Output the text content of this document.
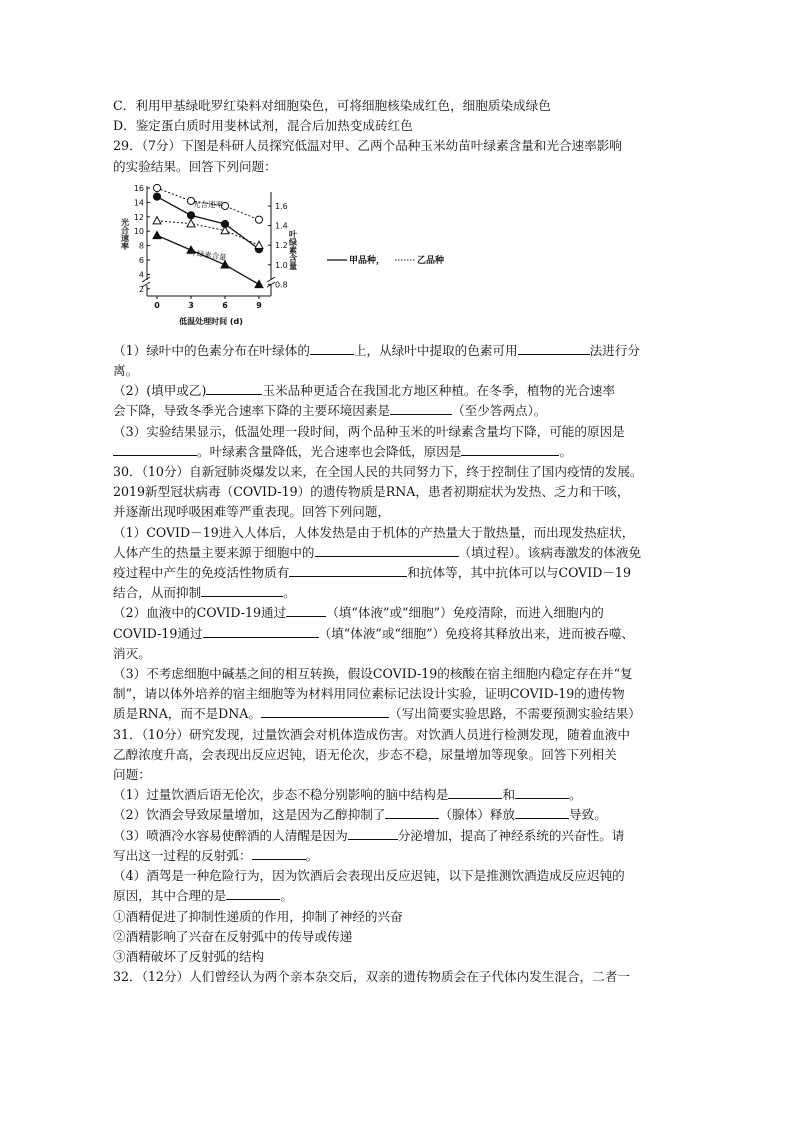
C．利用甲基绿吡罗红染料对细胞染色，可将细胞核染成红色，细胞质染成绿色

D．鉴定蛋白质时用斐林试剂，混合后加热变成砖红色

29．（7分）下图是科研人员探究低温对甲、乙两个品种玉米幼苗叶绿素含量和光合速率影响

的实验结果。回答下列问题：

16
14
12
10
8
6
4
2
1.6
1.4
1.2
1.0
0.8
0	3	6	9
光合速率	叶绿素含量
低温处理时间 (d)
光合速率
叶绿素含量	甲品种，	乙品种

（1）绿叶中的色素分布在叶绿体的	上，从绿叶中提取的色素可用	法进行分

离。

（2）(填甲或乙)	玉米品种更适合在我国北方地区种植。在冬季，植物的光合速率

会下降，导致冬季光合速率下降的主要环境因素是	（至少答两点）。

（3）实验结果显示，低温处理一段时间，两个品种玉米的叶绿素含量均下降，可能的原因是

。叶绿素含量降低，光合速率也会降低，原因是	。

30．（10分）自新冠肺炎爆发以来，在全国人民的共同努力下，终于控制住了国内疫情的发展。

2019新型冠状病毒（COVID-19）的遗传物质是RNA，患者初期症状为发热、乏力和干咳，

并逐渐出现呼吸困难等严重表现。回答下列问题，

（1）COVID－19进入人体后，人体发热是由于机体的产热量大于散热量，而出现发热症状，

人体产生的热量主要来源于细胞中的	（填过程）。该病毒激发的体液免

疫过程中产生的免疫活性物质有	和抗体等，其中抗体可以与COVID－19

结合，从而抑制	。

（2）血液中的COVID-19通过	（填“体液”或“细胞”）免疫清除，而进入细胞内的

COVID-19通过	（填“体液”或“细胞”）免疫将其释放出来，进而被吞噬、

消灭。

（3）不考虑细胞中碱基之间的相互转换，假设COVID-19的核酸在宿主细胞内稳定存在并“复

制”，请以体外培养的宿主细胞等为材料用同位素标记法设计实验，证明COVID-19的遗传物

质是RNA，而不是DNA。	（写出简要实验思路，不需要预测实验结果）

31．（10分）研究发现，过量饮酒会对机体造成伤害。对饮酒人员进行检测发现，随着血液中

乙醇浓度升高，会表现出反应迟钝，语无伦次，步态不稳，尿量增加等现象。回答下列相关

问题：

（1）过量饮酒后语无伦次，步态不稳分别影响的脑中结构是	和	。

（2）饮酒会导致尿量增加，这是因为乙醇抑制了	（腺体）释放	导致。

（3）喷酒冷水容易使醉酒的人清醒是因为	分泌增加，提高了神经系统的兴奋性。请

写出这一过程的反射弧：	。

（4）酒驾是一种危险行为，因为饮酒后会表现出反应迟钝，以下是推测饮酒造成反应迟钝的

原因，其中合理的是	。

①酒精促进了抑制性递质的作用，抑制了神经的兴奋

②酒精影响了兴奋在反射弧中的传导或传递

③酒精破坏了反射弧的结构

32．（12分）人们曾经认为两个亲本杂交后，双亲的遗传物质会在子代体内发生混合，二者一
